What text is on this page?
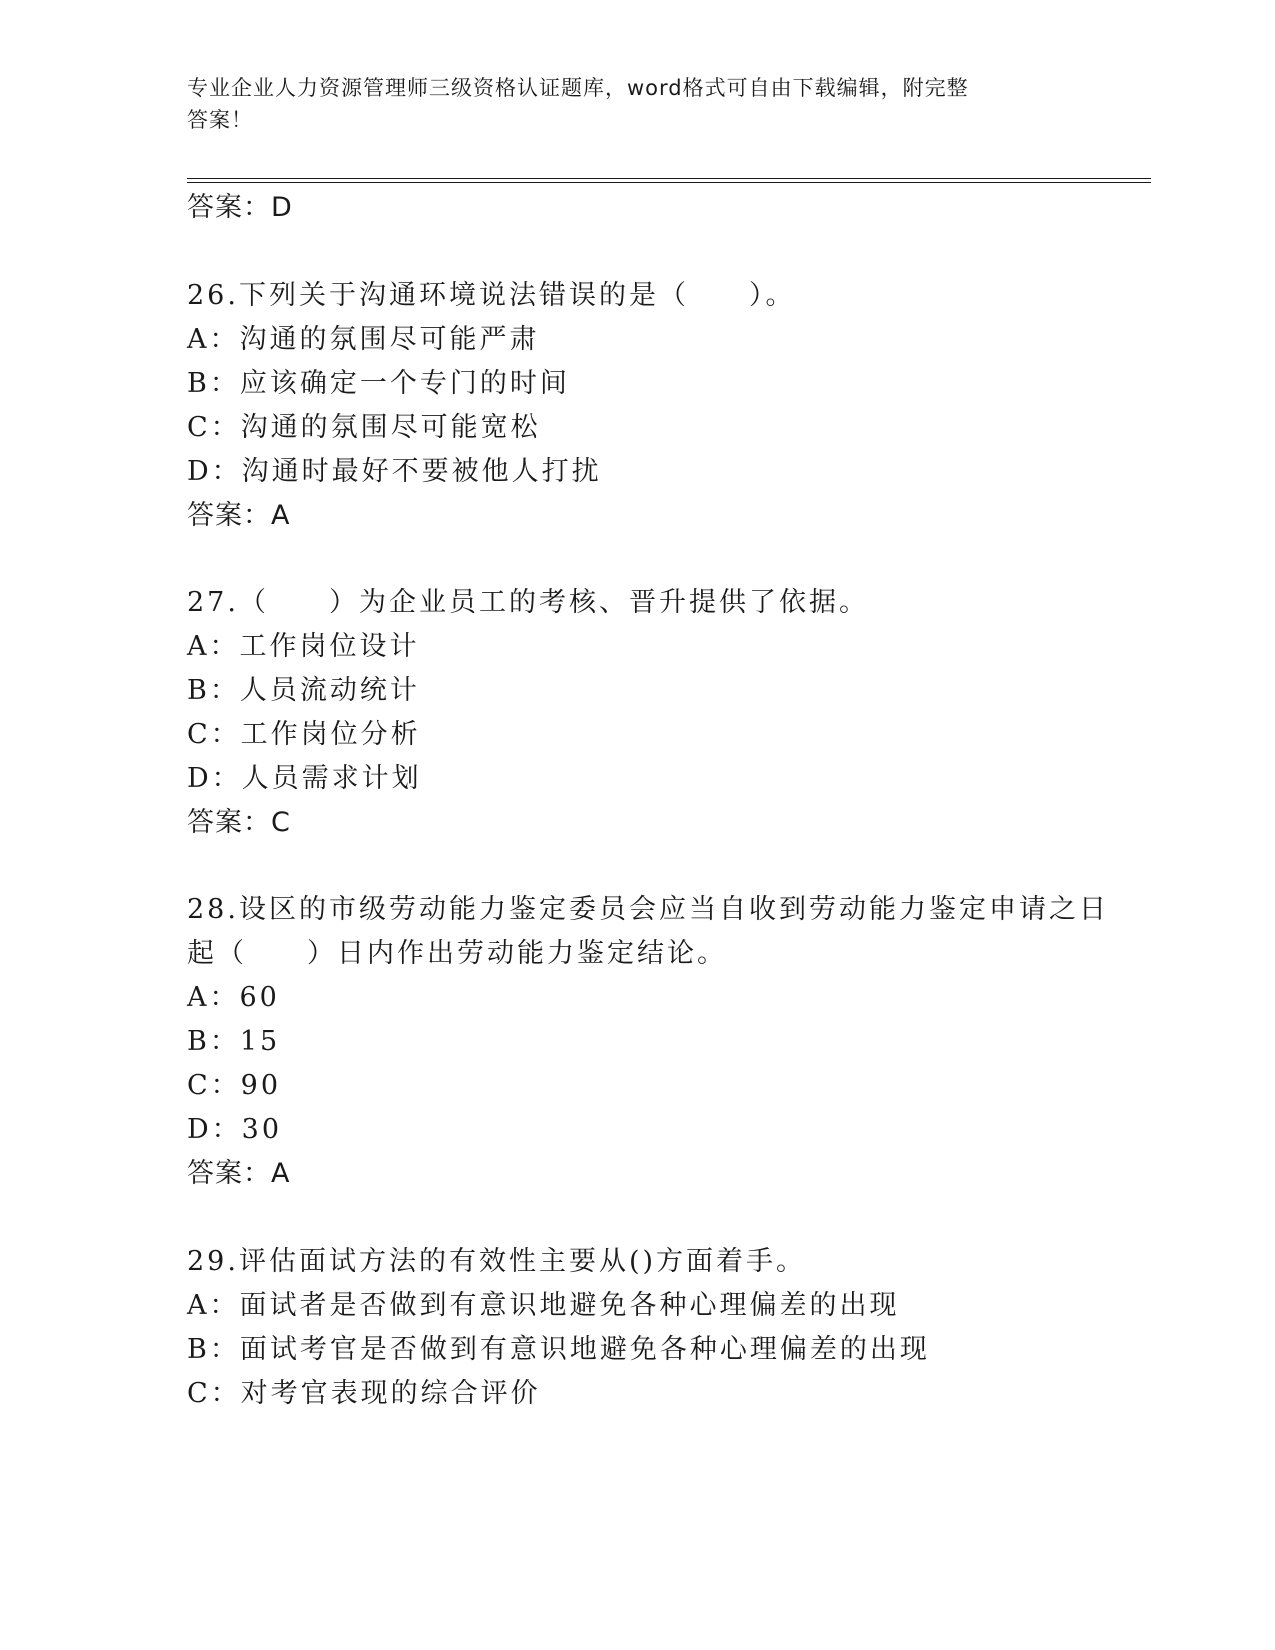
专业企业人力资源管理师三级资格认证题库，word格式可自由下载编辑，附完整
答案！
答案：D
26.下列关于沟通环境说法错误的是（　　）。
A：沟通的氛围尽可能严肃
B：应该确定一个专门的时间
C：沟通的氛围尽可能宽松
D：沟通时最好不要被他人打扰
答案：A
27.（　　）为企业员工的考核、晋升提供了依据。
A：工作岗位设计
B：人员流动统计
C：工作岗位分析
D：人员需求计划
答案：C
28.设区的市级劳动能力鉴定委员会应当自收到劳动能力鉴定申请之日
起（　　）日内作出劳动能力鉴定结论。
A：60
B：15
C：90
D：30
答案：A
29.评估面试方法的有效性主要从()方面着手。
A：面试者是否做到有意识地避免各种心理偏差的出现
B：面试考官是否做到有意识地避免各种心理偏差的出现
C：对考官表现的综合评价
